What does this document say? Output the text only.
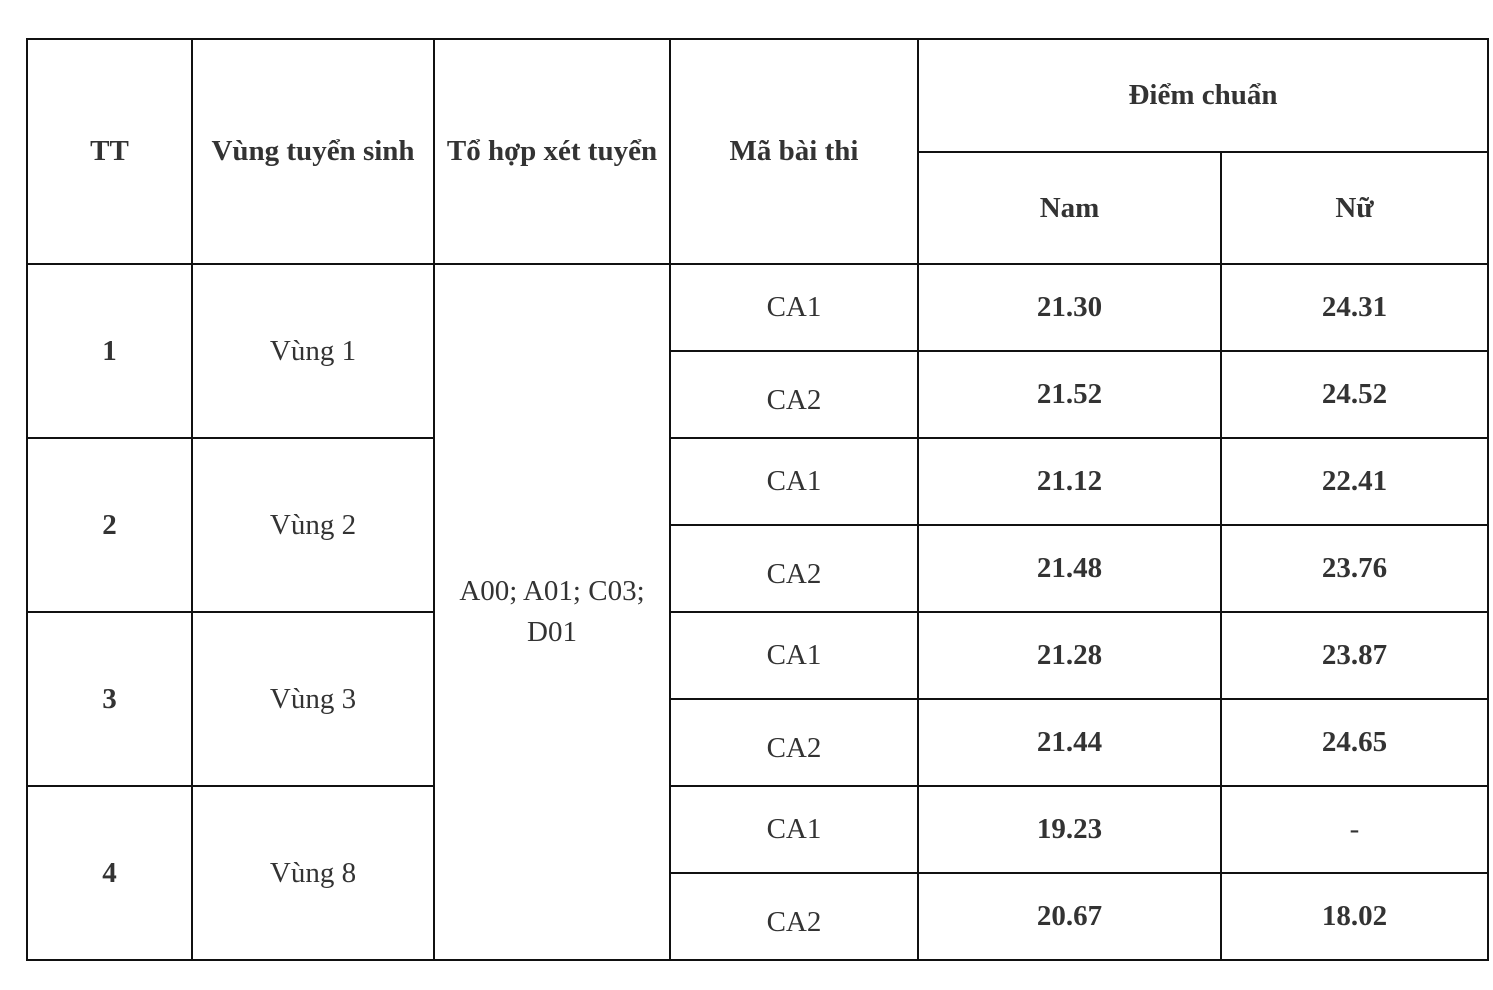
TT	Vùng tuyển sinh	Tổ hợp xét tuyển	Mã bài thi	Điểm chuẩn	
				Nam	Nữ
1	Vùng 1	A00; A01; C03; D01	CA1	21.30	24.31
			CA2	21.52	24.52
2	Vùng 2		CA1	21.12	22.41
			CA2	21.48	23.76
3	Vùng 3		CA1	21.28	23.87
			CA2	21.44	24.65
4	Vùng 8		CA1	19.23	-
			CA2	20.67	18.02
